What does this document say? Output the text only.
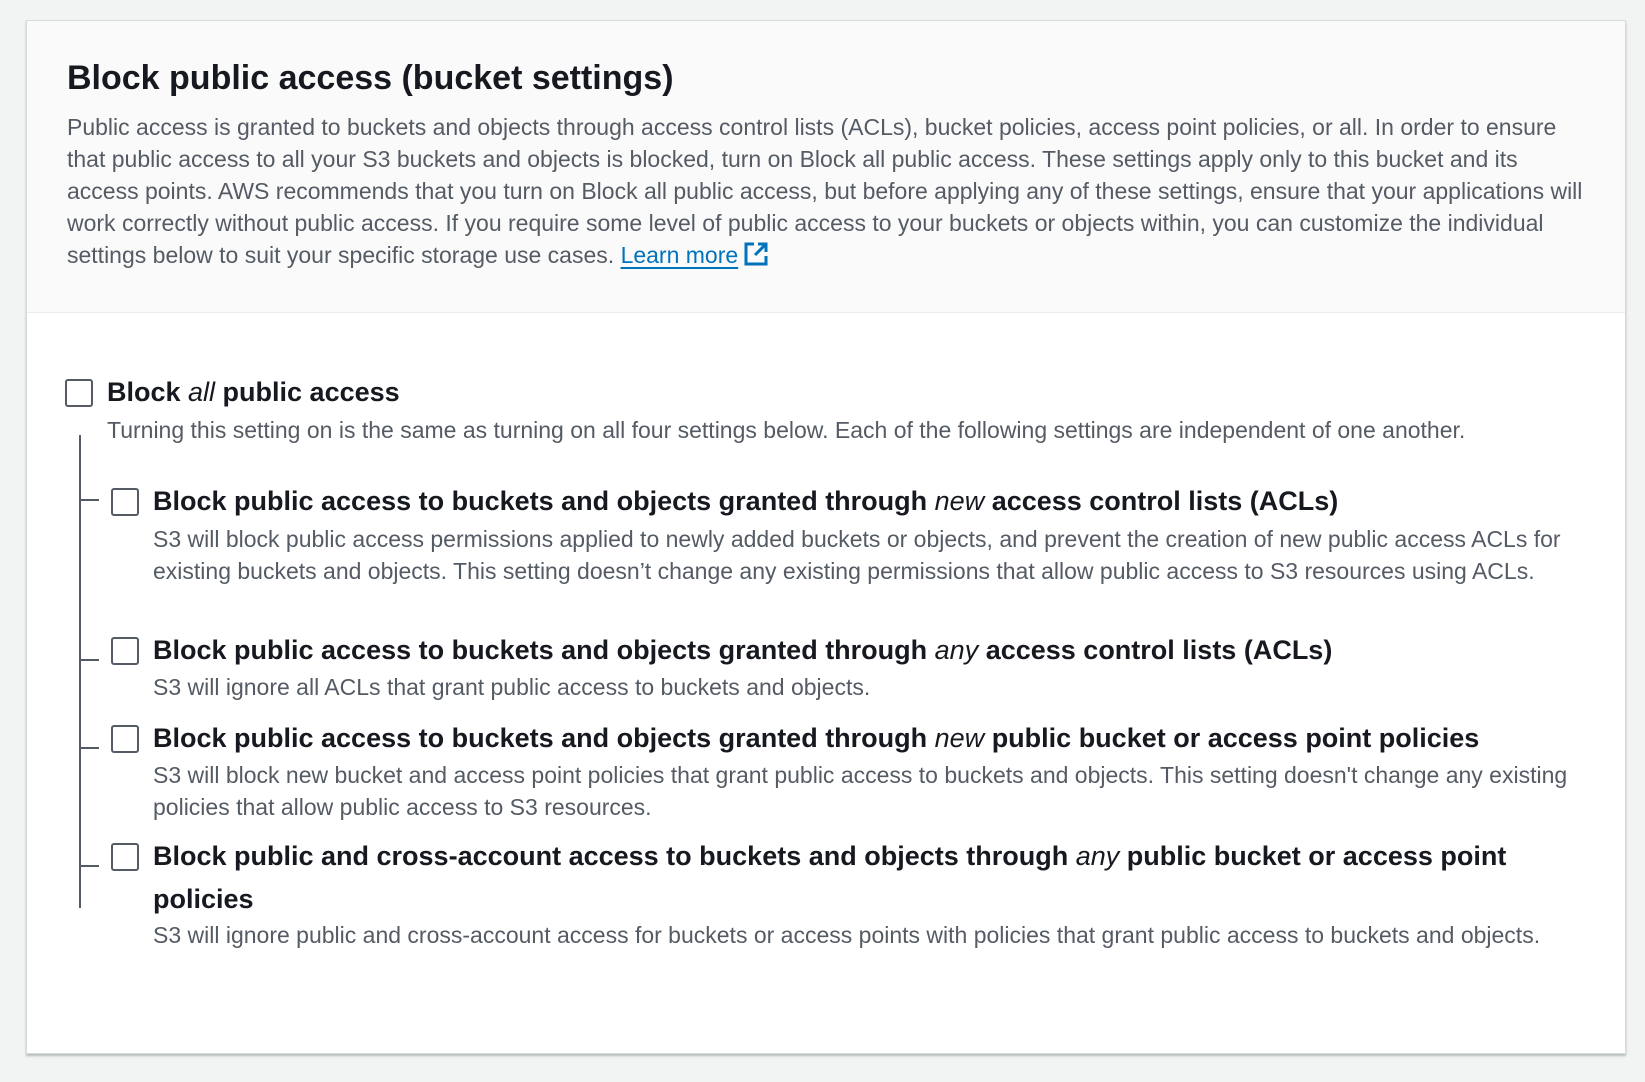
Block public access (bucket settings)

Public access is granted to buckets and objects through access control lists (ACLs), bucket policies, access point policies, or all. In order to ensure that public access to all your S3 buckets and objects is blocked, turn on Block all public access. These settings apply only to this bucket and its access points. AWS recommends that you turn on Block all public access, but before applying any of these settings, ensure that your applications will work correctly without public access. If you require some level of public access to your buckets or objects within, you can customize the individual settings below to suit your specific storage use cases. Learn more

Block all public access
Turning this setting on is the same as turning on all four settings below. Each of the following settings are independent of one another.
Block public access to buckets and objects granted through new access control lists (ACLs)
S3 will block public access permissions applied to newly added buckets or objects, and prevent the creation of new public access ACLs for existing buckets and objects. This setting doesn’t change any existing permissions that allow public access to S3 resources using ACLs.
Block public access to buckets and objects granted through any access control lists (ACLs)
S3 will ignore all ACLs that grant public access to buckets and objects.
Block public access to buckets and objects granted through new public bucket or access point policies
S3 will block new bucket and access point policies that grant public access to buckets and objects. This setting doesn't change any existing policies that allow public access to S3 resources.
Block public and cross-account access to buckets and objects through any public bucket or access point policies
S3 will ignore public and cross-account access for buckets or access points with policies that grant public access to buckets and objects.
